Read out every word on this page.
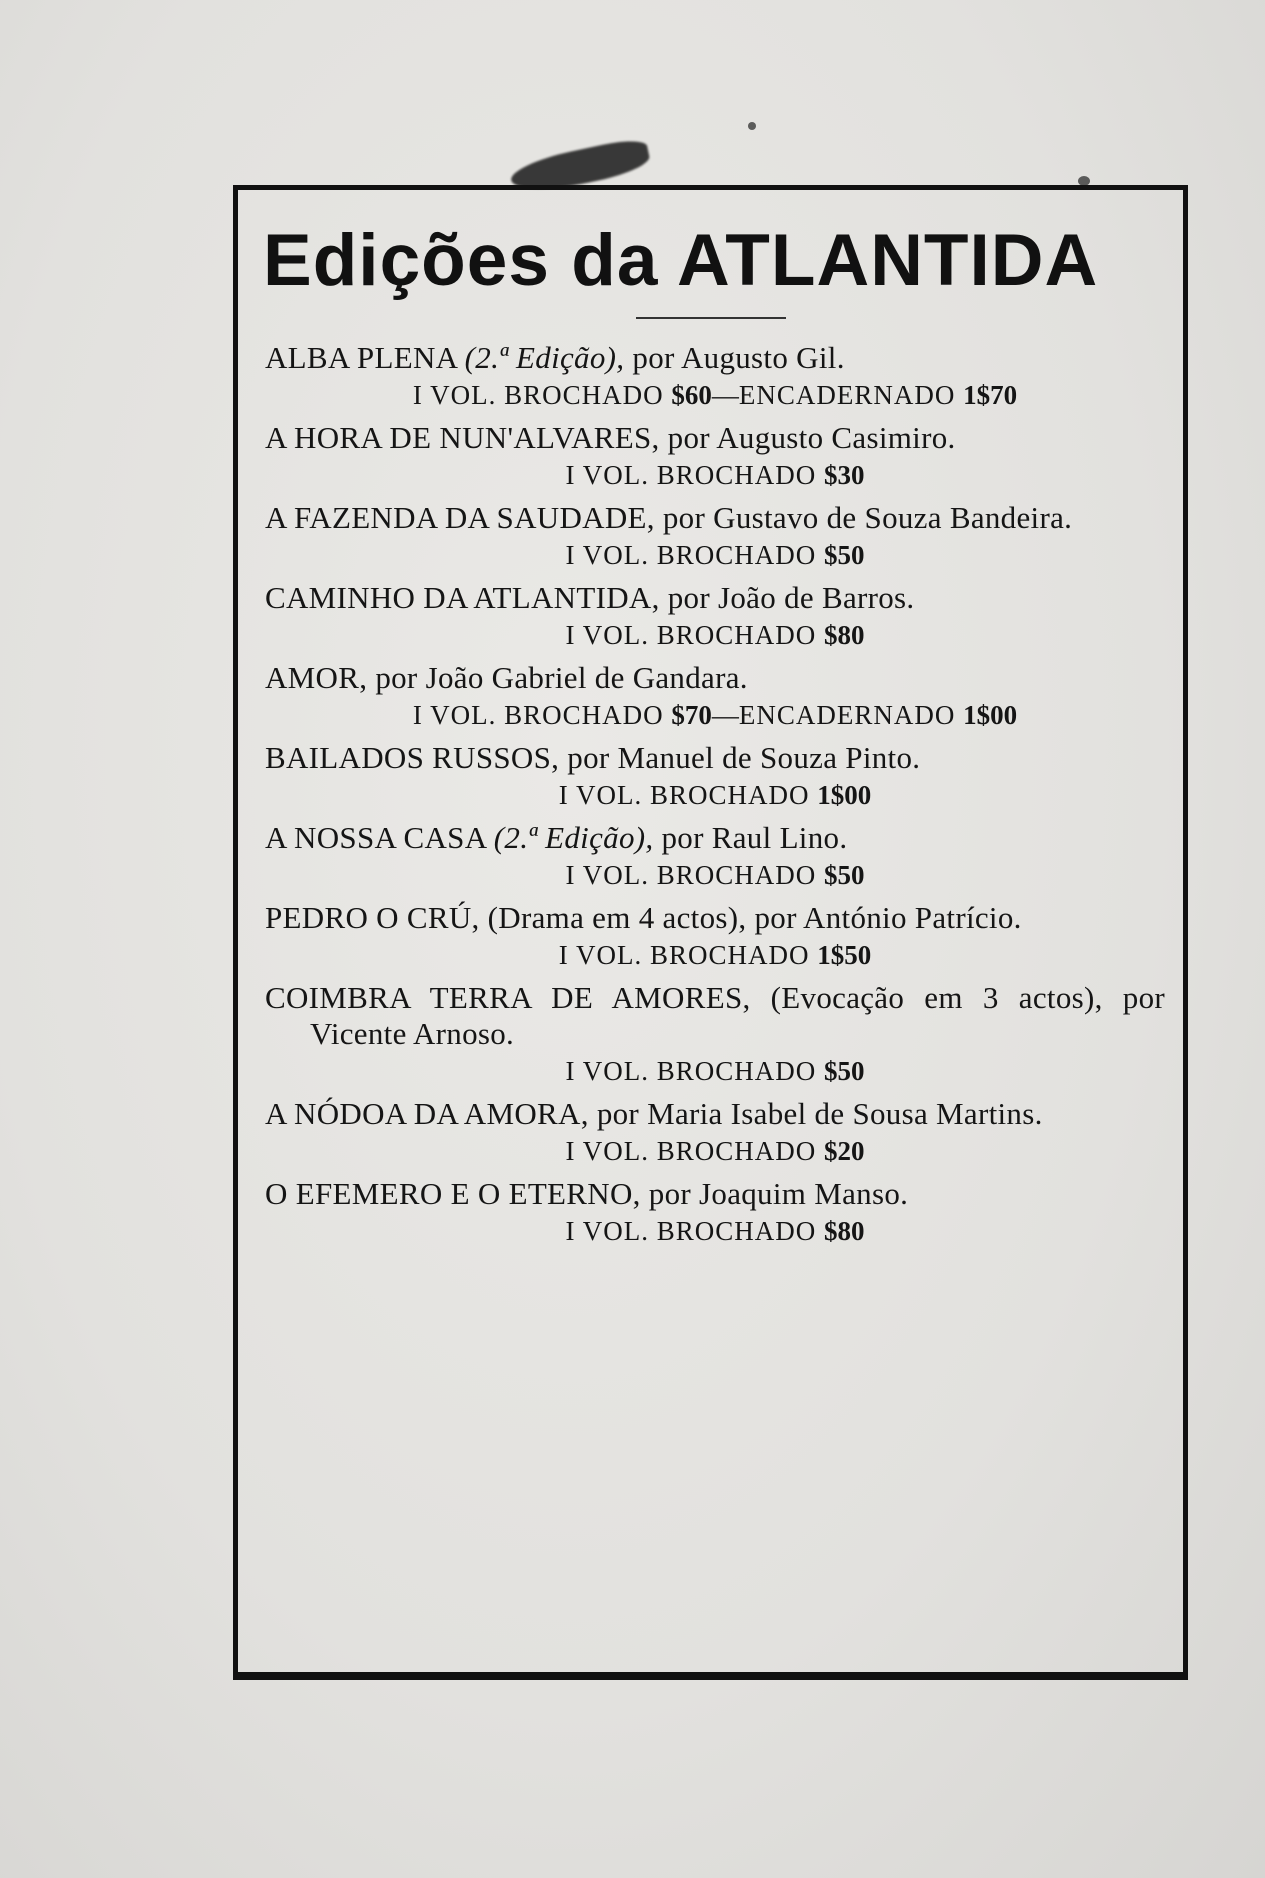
Edições da ATLANTIDA

ALBA PLENA (2.ª Edição), por Augusto Gil.

I VOL. BROCHADO $60—ENCADERNADO 1$70

A HORA DE NUN'ALVARES, por Augusto Casimiro.

I VOL. BROCHADO $30

A FAZENDA DA SAUDADE, por Gustavo de Souza Bandeira.

I VOL. BROCHADO $50

CAMINHO DA ATLANTIDA, por João de Barros.

I VOL. BROCHADO $80

AMOR, por João Gabriel de Gandara.

I VOL. BROCHADO $70—ENCADERNADO 1$00

BAILADOS RUSSOS, por Manuel de Souza Pinto.

I VOL. BROCHADO 1$00

A NOSSA CASA (2.ª Edição), por Raul Lino.

I VOL. BROCHADO $50

PEDRO O CRÚ, (Drama em 4 actos), por António Patrício.

I VOL. BROCHADO 1$50

COIMBRA TERRA DE AMORES, (Evocação em 3 actos), por Vicente Arnoso.

I VOL. BROCHADO $50

A NÓDOA DA AMORA, por Maria Isabel de Sousa Martins.

I VOL. BROCHADO $20

O EFEMERO E O ETERNO, por Joaquim Manso.

I VOL. BROCHADO $80
